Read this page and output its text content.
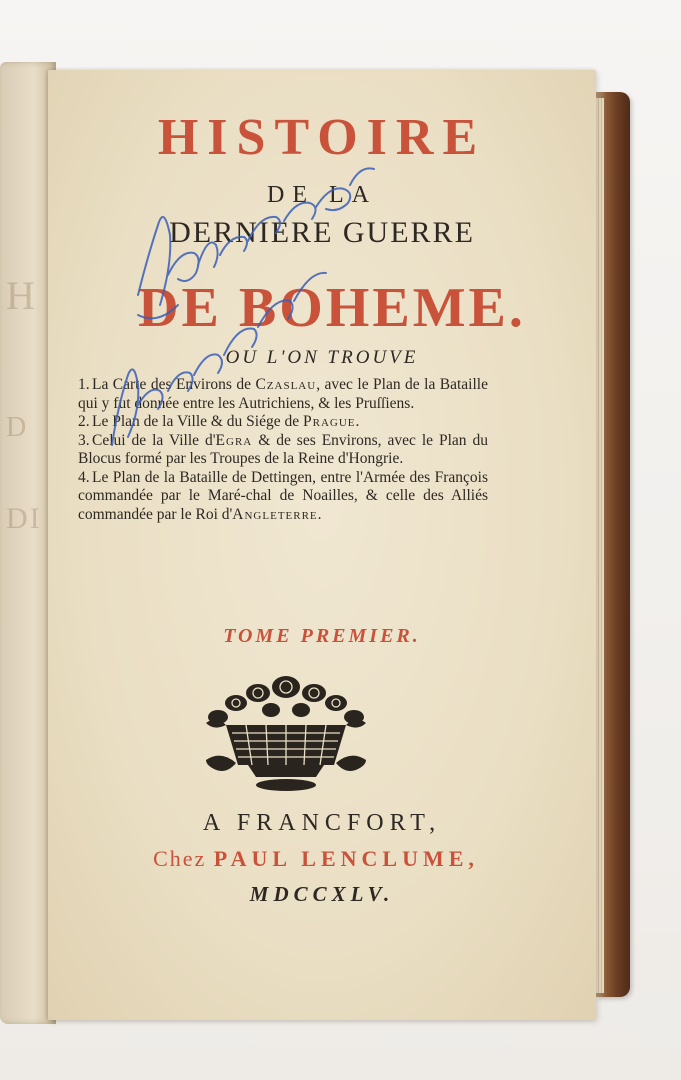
H
D
DI
HISTOIRE
DE LA
DERNIERE GUERRE
DE BOHEME.
OU L'ON TROUVE
1. La Carte des Environs de Czaslau, avec le Plan de la Bataille qui y fut donnée entre les Autrichiens, & les Pruſſiens.
2. Le Plan de la Ville & du Siége de Prague.
3. Celui de la Ville d'Egra & de ses Environs, avec le Plan du Blocus formé par les Troupes de la Reine d'Hongrie.
4. Le Plan de la Bataille de Dettingen, entre l'Armée des François commandée par le Maré-chal de Noailles, & celle des Alliés commandée par le Roi d'Angleterre.
TOME PREMIER.
A FRANCFORT,
Chez PAUL LENCLUME,
MDCCXLV.
